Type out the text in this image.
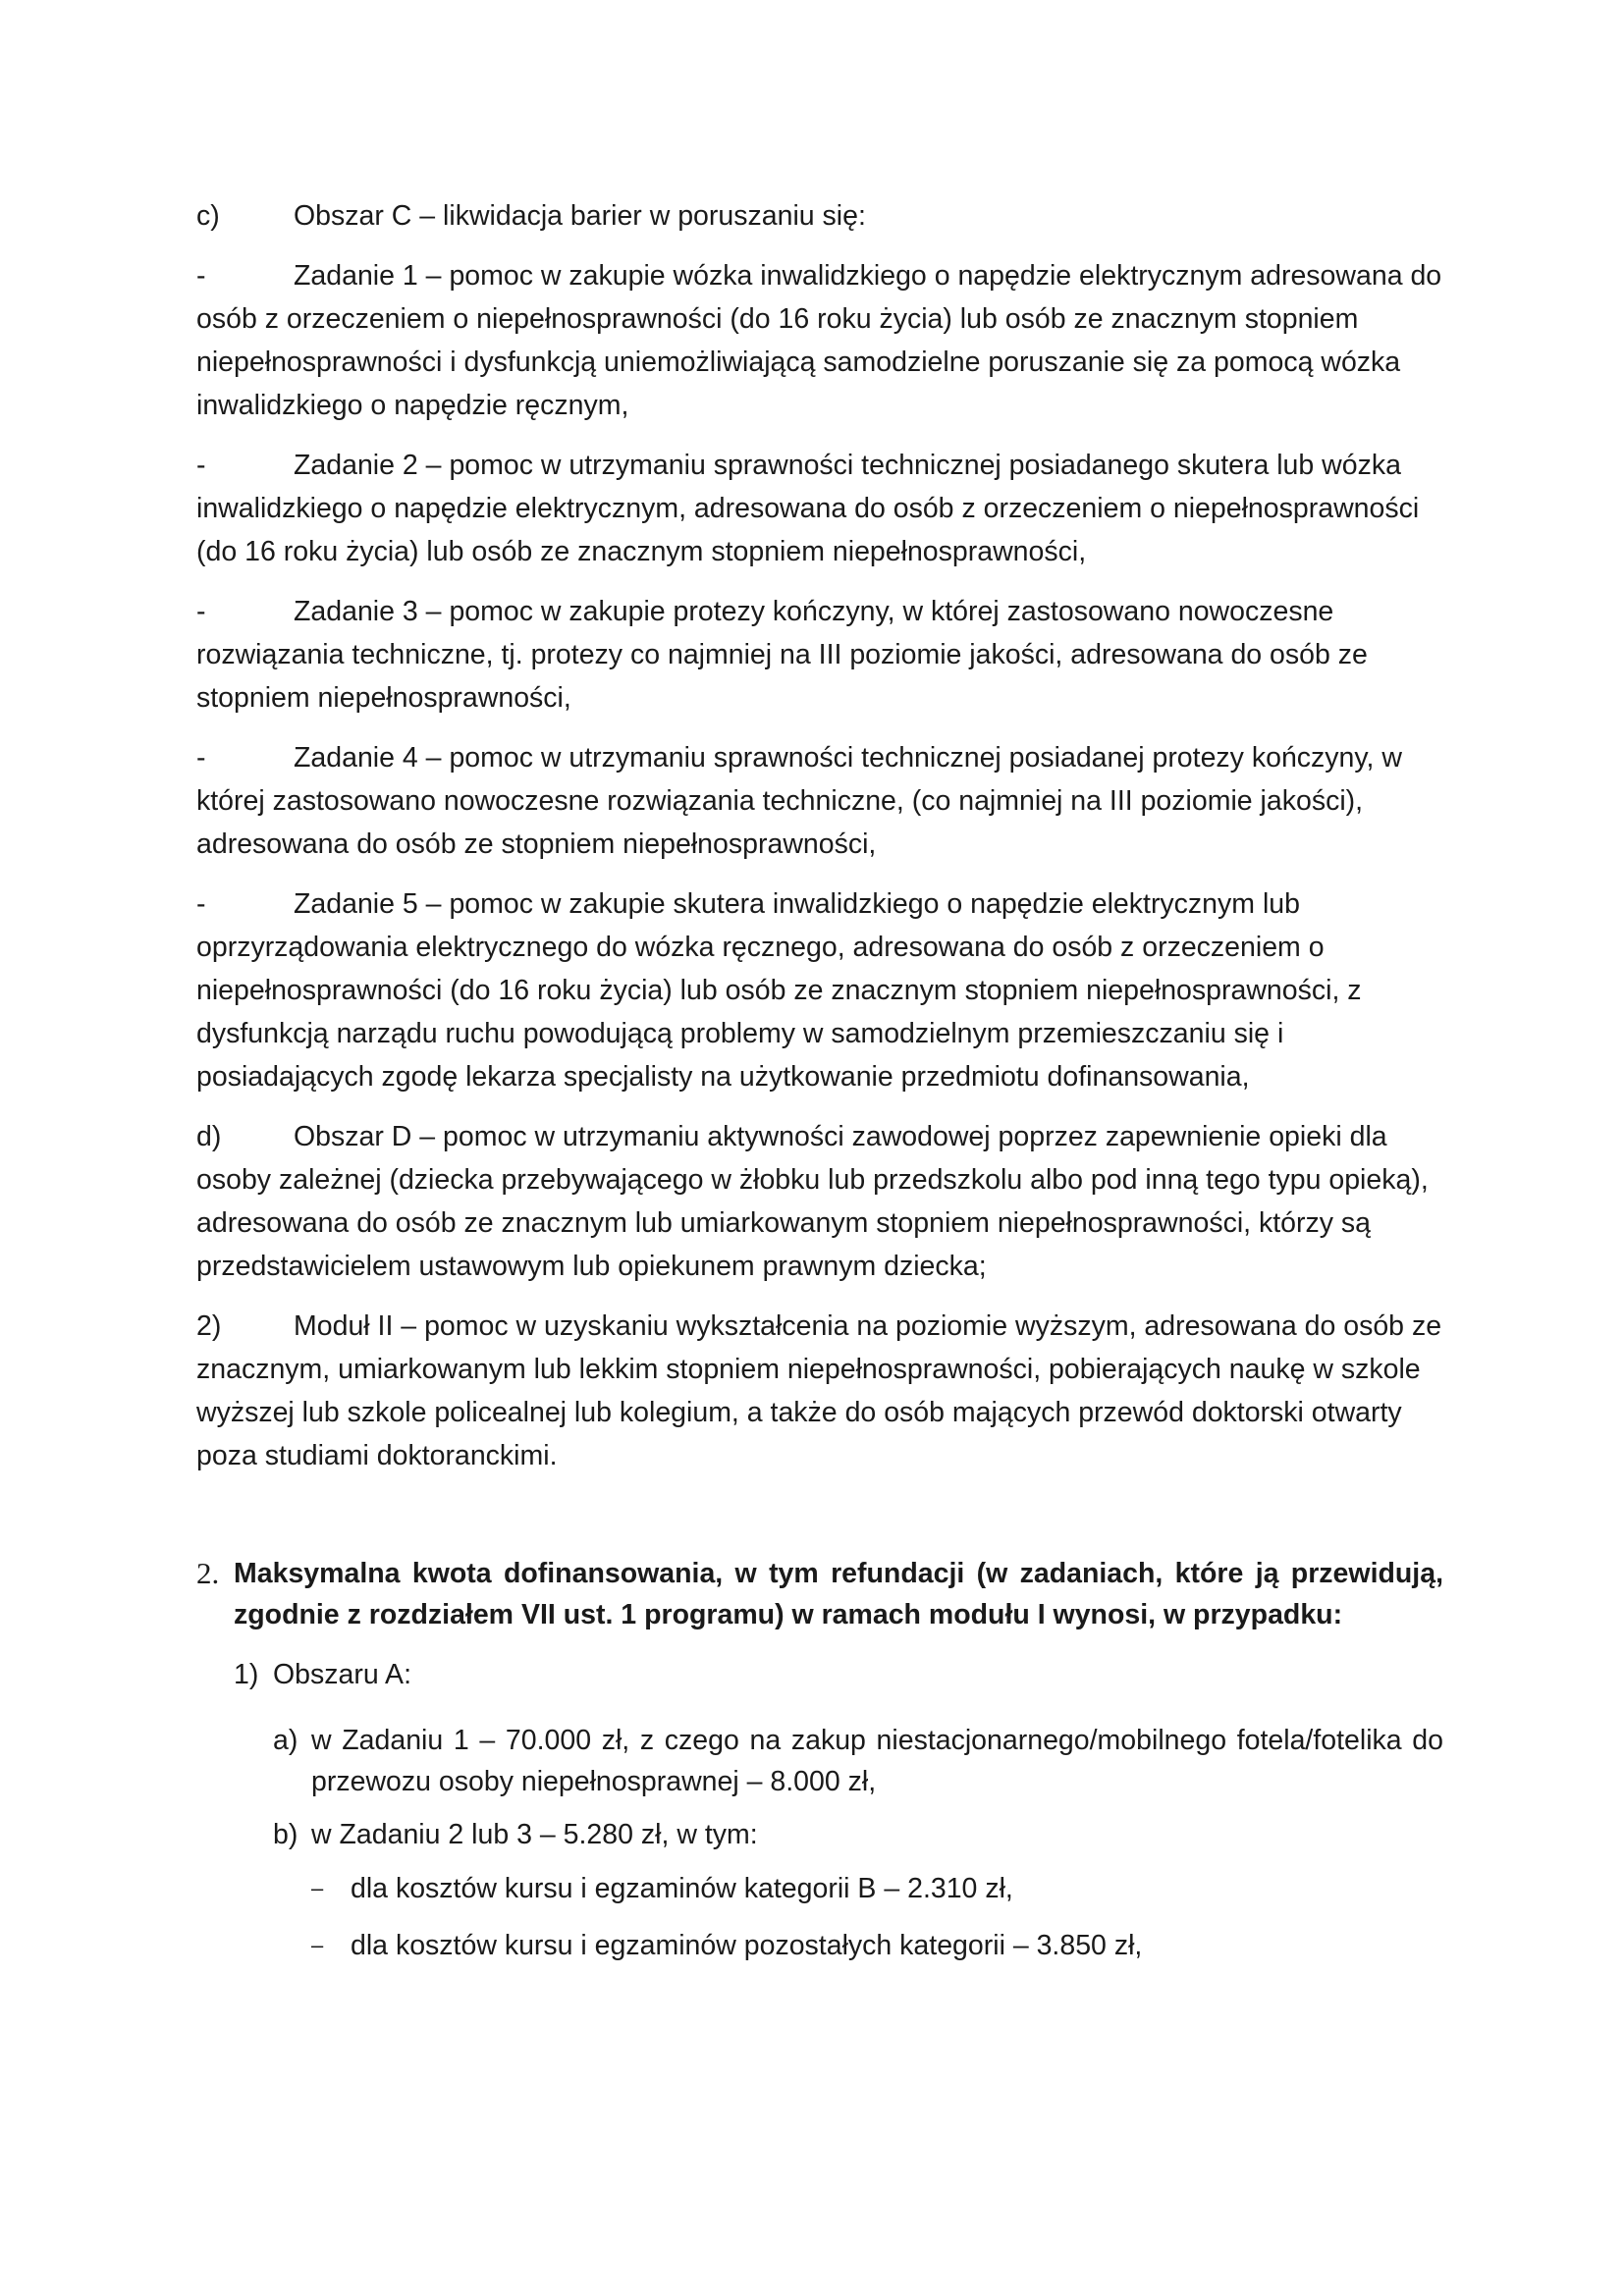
c)	Obszar C – likwidacja barier w poruszaniu się:

-	Zadanie 1 – pomoc w zakupie wózka inwalidzkiego o napędzie elektrycznym adresowana do osób z orzeczeniem o niepełnosprawności (do 16 roku życia) lub osób ze znacznym stopniem niepełnosprawności i dysfunkcją uniemożliwiającą samodzielne poruszanie się za pomocą wózka inwalidzkiego o napędzie ręcznym,

-	Zadanie 2 – pomoc w utrzymaniu sprawności technicznej posiadanego skutera lub wózka inwalidzkiego o napędzie elektrycznym, adresowana do osób z orzeczeniem o niepełnosprawności (do 16 roku życia) lub osób ze znacznym stopniem niepełnosprawności,

-	Zadanie 3 – pomoc w zakupie protezy kończyny, w której zastosowano nowoczesne rozwiązania techniczne, tj. protezy co najmniej na III poziomie jakości, adresowana do osób ze stopniem niepełnosprawności,

-	Zadanie 4 – pomoc w utrzymaniu sprawności technicznej posiadanej protezy kończyny, w której zastosowano nowoczesne rozwiązania techniczne, (co najmniej na III poziomie jakości), adresowana do osób ze stopniem niepełnosprawności,

-	Zadanie 5 – pomoc w zakupie skutera inwalidzkiego o napędzie elektrycznym lub oprzyrządowania elektrycznego do wózka ręcznego, adresowana do osób z orzeczeniem o niepełnosprawności (do 16 roku życia) lub osób ze znacznym stopniem niepełnosprawności, z dysfunkcją narządu ruchu powodującą problemy w samodzielnym przemieszczaniu się i posiadających zgodę lekarza specjalisty na użytkowanie przedmiotu dofinansowania,

d)	Obszar D – pomoc w utrzymaniu aktywności zawodowej poprzez zapewnienie opieki dla osoby zależnej (dziecka przebywającego w żłobku lub przedszkolu albo pod inną tego typu opieką), adresowana do osób ze znacznym lub umiarkowanym stopniem niepełnosprawności, którzy są przedstawicielem ustawowym lub opiekunem prawnym dziecka;

2)	Moduł II – pomoc w uzyskaniu wykształcenia na poziomie wyższym, adresowana do osób ze znacznym, umiarkowanym lub lekkim stopniem niepełnosprawności, pobierających naukę w szkole wyższej lub szkole policealnej lub kolegium, a także do osób mających przewód doktorski otwarty poza studiami doktoranckimi.

2. Maksymalna kwota dofinansowania, w tym refundacji (w zadaniach, które ją przewidują, zgodnie z rozdziałem VII ust. 1 programu) w ramach modułu I wynosi, w przypadku:
1) Obszaru A:
a) w Zadaniu 1 – 70.000 zł, z czego na zakup niestacjonarnego/mobilnego fotela/fotelika do przewozu osoby niepełnosprawnej – 8.000 zł,
b) w Zadaniu 2 lub 3 – 5.280 zł, w tym:
– dla kosztów kursu i egzaminów kategorii B – 2.310 zł,
– dla kosztów kursu i egzaminów pozostałych kategorii – 3.850 zł,
